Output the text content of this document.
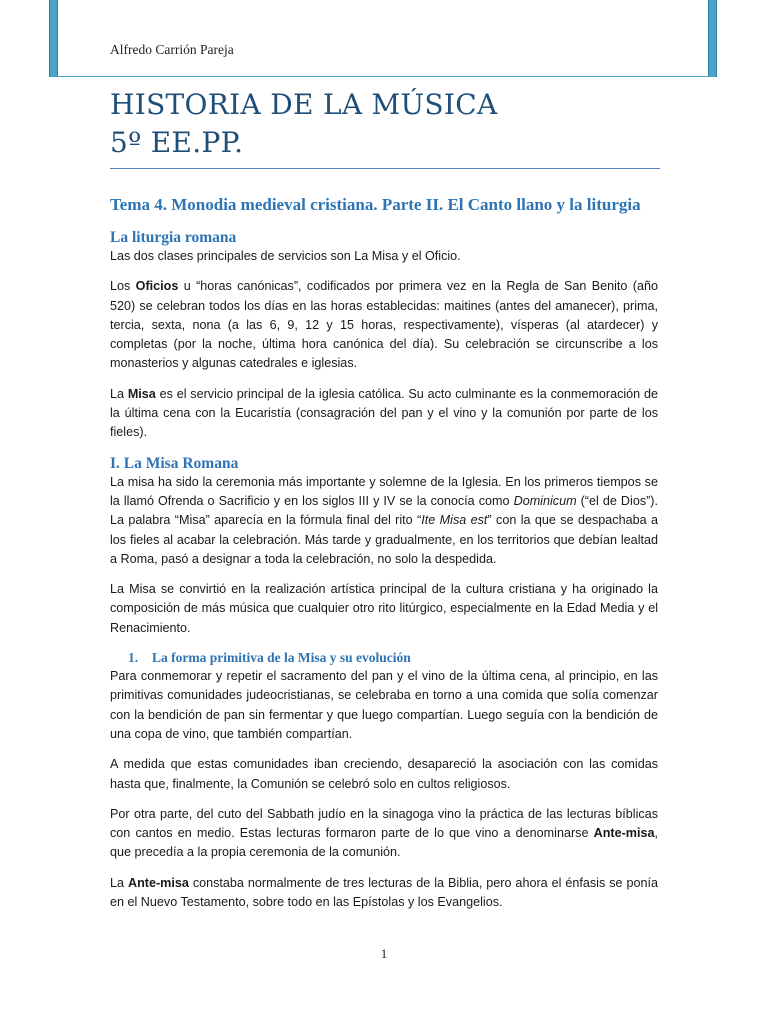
Alfredo Carrión Pareja
HISTORIA DE LA MÚSICA
5º EE.PP.
Tema 4. Monodia medieval cristiana. Parte II. El Canto llano y la liturgia
La liturgia romana

Las dos clases principales de servicios son La Misa y el Oficio.

Los Oficios u “horas canónicas”, codificados por primera vez en la Regla de San Benito (año 520) se celebran todos los días en las horas establecidas: maitines (antes del amanecer), prima, tercia, sexta, nona (a las 6, 9, 12 y 15 horas, respectivamente), vísperas (al atardecer) y completas (por la noche, última hora canónica del día). Su celebración se circunscribe a los monasterios y algunas catedrales e iglesias.

La Misa es el servicio principal de la iglesia católica. Su acto culminante es la conmemoración de la última cena con la Eucaristía (consagración del pan y el vino y la comunión por parte de los fieles).

I. La Misa Romana

La misa ha sido la ceremonia más importante y solemne de la Iglesia. En los primeros tiempos se la llamó Ofrenda o Sacrificio y en los siglos III y IV se la conocía como Dominicum (“el de Dios”). La palabra “Misa” aparecía en la fórmula final del rito “Ite Misa est” con la que se despachaba a los fieles al acabar la celebración. Más tarde y gradualmente, en los territorios que debían lealtad a Roma, pasó a designar a toda la celebración, no solo la despedida.

La Misa se convirtió en la realización artística principal de la cultura cristiana y ha originado la composición de más música que cualquier otro rito litúrgico, especialmente en la Edad Media y el Renacimiento.

1. La forma primitiva de la Misa y su evolución

Para conmemorar y repetir el sacramento del pan y el vino de la última cena, al principio, en las primitivas comunidades judeocristianas, se celebraba en torno a una comida que solía comenzar con la bendición de pan sin fermentar y que luego compartían. Luego seguía con la bendición de una copa de vino, que también compartían.

A medida que estas comunidades iban creciendo, desapareció la asociación con las comidas hasta que, finalmente, la Comunión se celebró solo en cultos religiosos.

Por otra parte, del cuto del Sabbath judío en la sinagoga vino la práctica de las lecturas bíblicas con cantos en medio. Estas lecturas formaron parte de lo que vino a denominarse Ante-misa, que precedía a la propia ceremonia de la comunión.

La Ante-misa constaba normalmente de tres lecturas de la Biblia, pero ahora el énfasis se ponía en el Nuevo Testamento, sobre todo en las Epístolas y los Evangelios.

1
